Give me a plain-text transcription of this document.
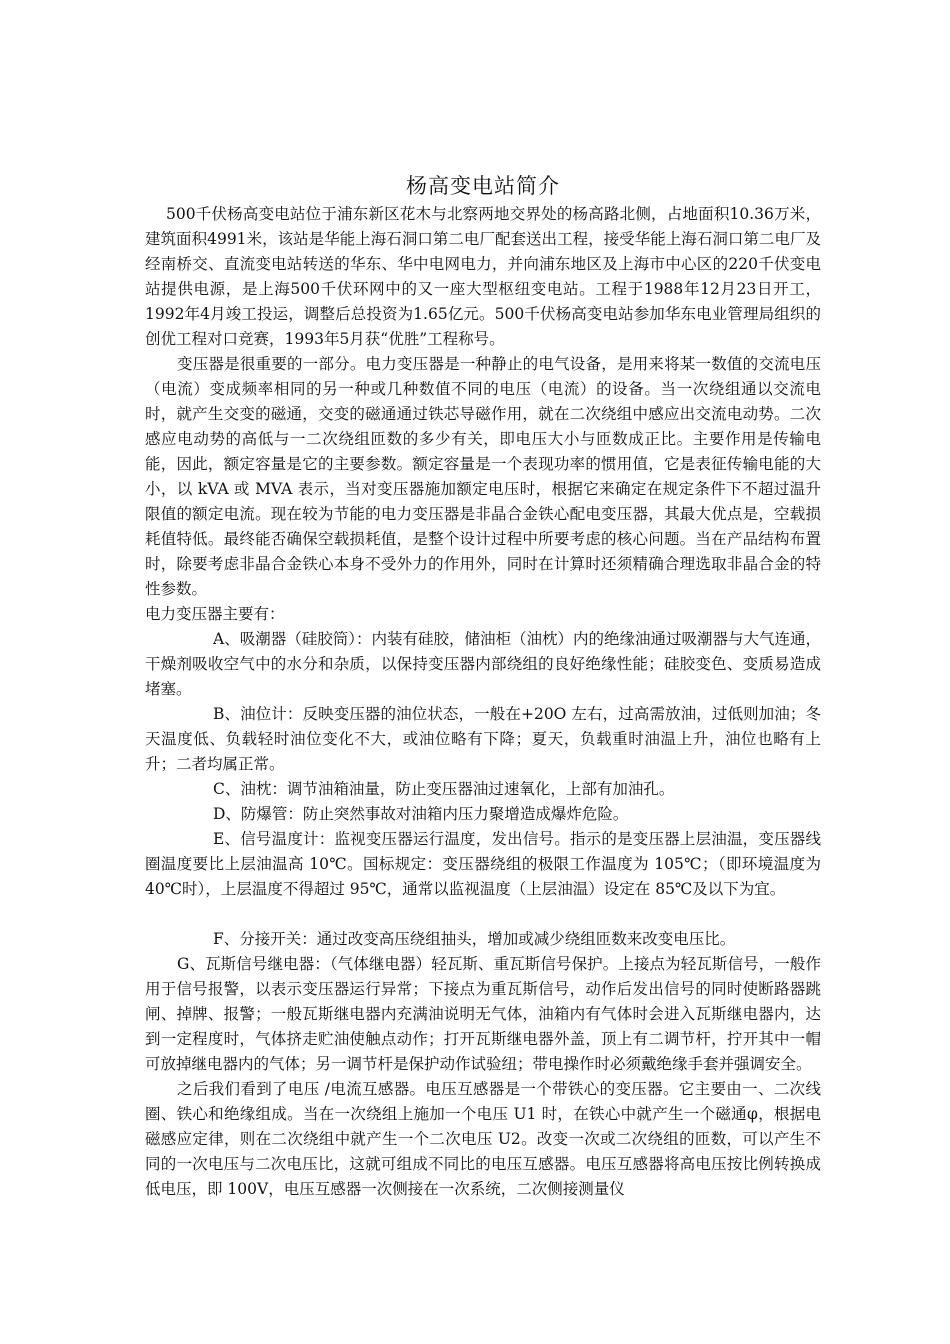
杨高变电站简介

500千伏杨高变电站位于浦东新区花木与北察两地交界处的杨高路北侧，占地面积10.36万米，建筑面积4991米，该站是华能上海石洞口第二电厂配套送出工程，接受华能上海石洞口第二电厂及经南桥交、直流变电站转送的华东、华中电网电力，并向浦东地区及上海市中心区的220千伏变电站提供电源，是上海500千伏环网中的又一座大型枢纽变电站。工程于1988年12月23日开工，1992年4月竣工投运，调整后总投资为1.65亿元。500千伏杨高变电站参加华东电业管理局组织的创优工程对口竞赛，1993年5月获“优胜”工程称号。

变压器是很重要的一部分。电力变压器是一种静止的电气设备，是用来将某一数值的交流电压（电流）变成频率相同的另一种或几种数值不同的电压（电流）的设备。当一次绕组通以交流电时，就产生交变的磁通，交变的磁通通过铁芯导磁作用，就在二次绕组中感应出交流电动势。二次感应电动势的高低与一二次绕组匝数的多少有关，即电压大小与匝数成正比。主要作用是传输电能，因此，额定容量是它的主要参数。额定容量是一个表现功率的惯用值，它是表征传输电能的大小，以 kVA 或 MVA 表示，当对变压器施加额定电压时，根据它来确定在规定条件下不超过温升限值的额定电流。现在较为节能的电力变压器是非晶合金铁心配电变压器，其最大优点是，空载损耗值特低。最终能否确保空载损耗值，是整个设计过程中所要考虑的核心问题。当在产品结构布置时，除要考虑非晶合金铁心本身不受外力的作用外，同时在计算时还须精确合理选取非晶合金的特性参数。

电力变压器主要有：

A、吸潮器（硅胶筒）：内装有硅胶，储油柜（油枕）内的绝缘油通过吸潮器与大气连通，干燥剂吸收空气中的水分和杂质，以保持变压器内部绕组的良好绝缘性能；硅胶变色、变质易造成堵塞。

B、油位计：反映变压器的油位状态，一般在+20O 左右，过高需放油，过低则加油；冬天温度低、负载轻时油位变化不大，或油位略有下降；夏天，负载重时油温上升，油位也略有上升；二者均属正常。

C、油枕：调节油箱油量，防止变压器油过速氧化，上部有加油孔。

D、防爆管：防止突然事故对油箱内压力聚增造成爆炸危险。

E、信号温度计：监视变压器运行温度，发出信号。指示的是变压器上层油温，变压器线圈温度要比上层油温高 10℃。国标规定：变压器绕组的极限工作温度为 105℃；（即环境温度为 40℃时），上层温度不得超过 95℃，通常以监视温度（上层油温）设定在 85℃及以下为宜。

F、分接开关：通过改变高压绕组抽头，增加或减少绕组匝数来改变电压比。

G、瓦斯信号继电器：（气体继电器）轻瓦斯、重瓦斯信号保护。上接点为轻瓦斯信号，一般作用于信号报警，以表示变压器运行异常；下接点为重瓦斯信号，动作后发出信号的同时使断路器跳闸、掉牌、报警；一般瓦斯继电器内充满油说明无气体，油箱内有气体时会进入瓦斯继电器内，达到一定程度时，气体挤走贮油使触点动作；打开瓦斯继电器外盖，顶上有二调节杆，拧开其中一帽可放掉继电器内的气体；另一调节杆是保护动作试验纽；带电操作时必须戴绝缘手套并强调安全。

之后我们看到了电压 /电流互感器。电压互感器是一个带铁心的变压器。它主要由一、二次线圈、铁心和绝缘组成。当在一次绕组上施加一个电压 U1 时，在铁心中就产生一个磁通φ，根据电磁感应定律，则在二次绕组中就产生一个二次电压 U2。改变一次或二次绕组的匝数，可以产生不同的一次电压与二次电压比，这就可组成不同比的电压互感器。电压互感器将高电压按比例转换成低电压，即 100V，电压互感器一次侧接在一次系统，二次侧接测量仪
